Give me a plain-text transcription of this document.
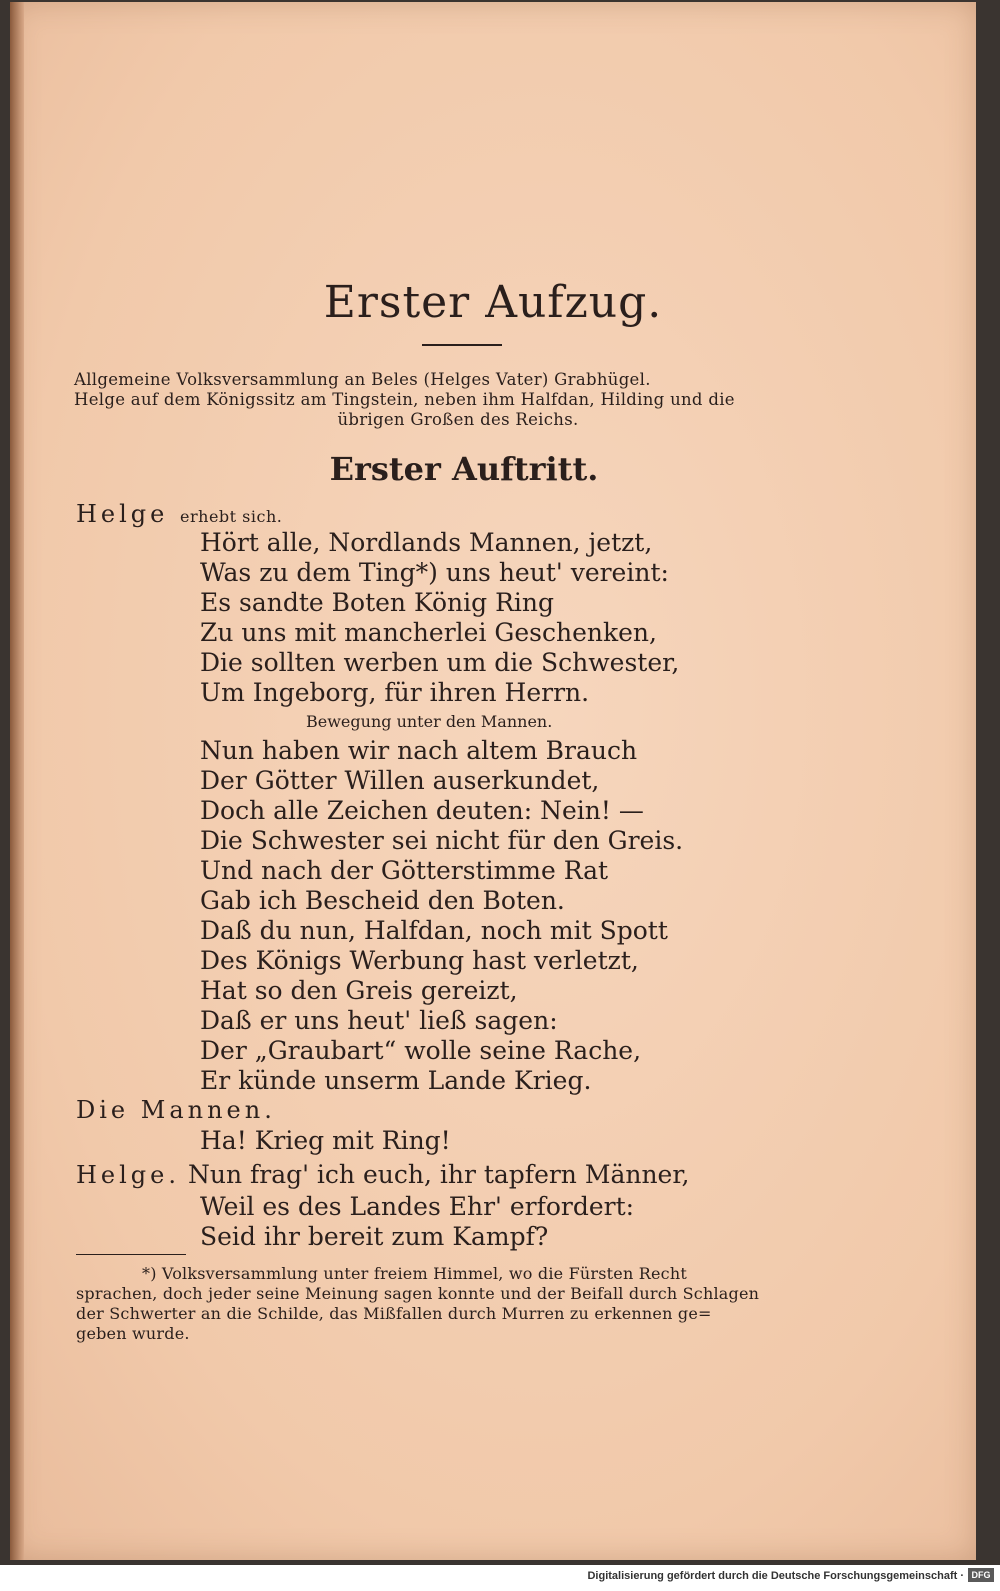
Erster Aufzug.
Allgemeine Volksversammlung an Beles (Helges Vater) Grabhügel.
Helge auf dem Königssitz am Tingstein, neben ihm Halfdan, Hilding und die
übrigen Großen des Reichs.
Erster Auftritt.
Helge erhebt sich.
Hört alle, Nordlands Mannen, jetzt,
Was zu dem Ting*) uns heut' vereint:
Es sandte Boten König Ring
Zu uns mit mancherlei Geschenken,
Die sollten werben um die Schwester,
Um Ingeborg, für ihren Herrn.
Bewegung unter den Mannen.
Nun haben wir nach altem Brauch
Der Götter Willen auserkundet,
Doch alle Zeichen deuten: Nein! —
Die Schwester sei nicht für den Greis.
Und nach der Götterstimme Rat
Gab ich Bescheid den Boten.
Daß du nun, Halfdan, noch mit Spott
Des Königs Werbung hast verletzt,
Hat so den Greis gereizt,
Daß er uns heut' ließ sagen:
Der „Graubart“ wolle seine Rache,
Er künde unserm Lande Krieg.
Die Mannen.
Ha! Krieg mit Ring!
Helge. Nun frag' ich euch, ihr tapfern Männer,
Weil es des Landes Ehr' erfordert:
Seid ihr bereit zum Kampf?
*) Volksversammlung unter freiem Himmel, wo die Fürsten Recht
sprachen, doch jeder seine Meinung sagen konnte und der Beifall durch Schlagen
der Schwerter an die Schilde, das Mißfallen durch Murren zu erkennen ge=
geben wurde.
Digitalisierung gefördert durch die Deutsche Forschungsgemeinschaft · DFG
